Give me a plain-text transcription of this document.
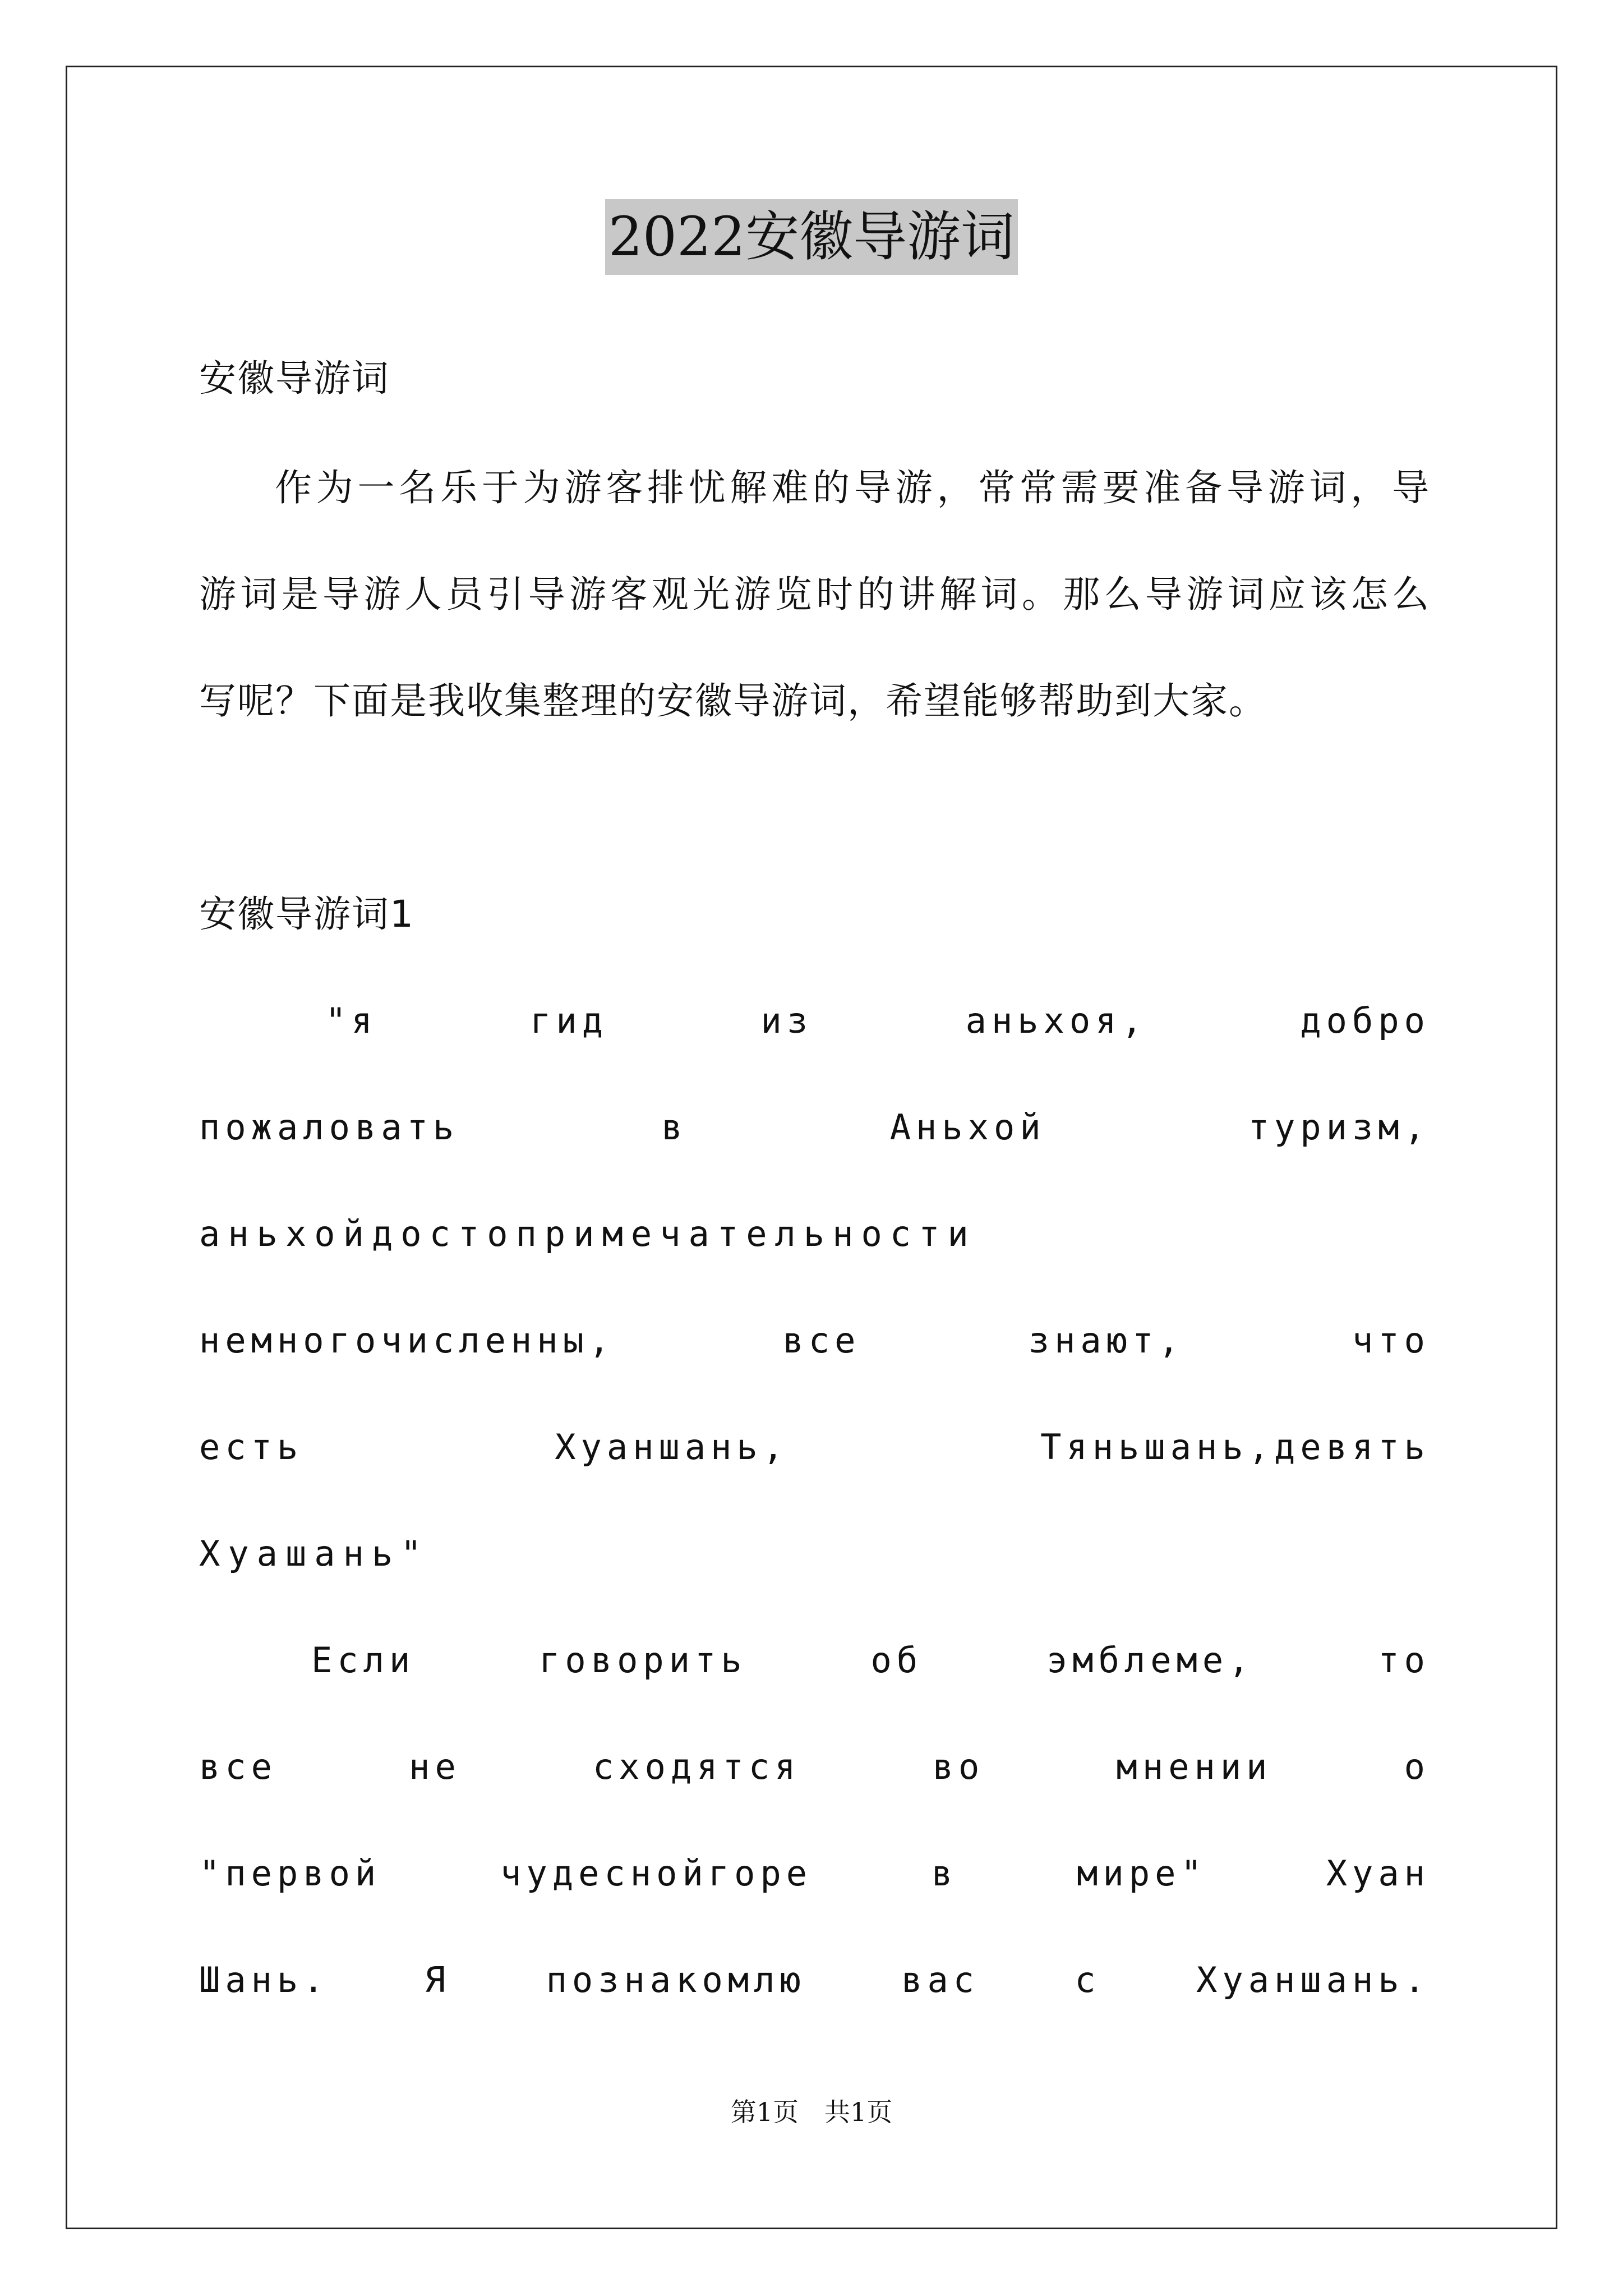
2022安徽导游词
安徽导游词
作为一名乐于为游客排忧解难的导游，常常需要准备导游词，导
游词是导游人员引导游客观光游览时的讲解词。那么导游词应该怎么
写呢？下面是我收集整理的安徽导游词，希望能够帮助到大家。
安徽导游词1
"я гид из аньхоя, добро
пожаловать в Аньхой туризм,
аньхойдостопримечательности
немногочисленны, все знают, что
есть Хуаншань, Тяньшань,девять
Хуашань"
Если говорить об эмблеме, то
все не сходятся во мнении о
"первой чудеснойгоре в мире" Хуан
Шань. Я познакомлю вас с Хуаншань.
第1页　共1页
